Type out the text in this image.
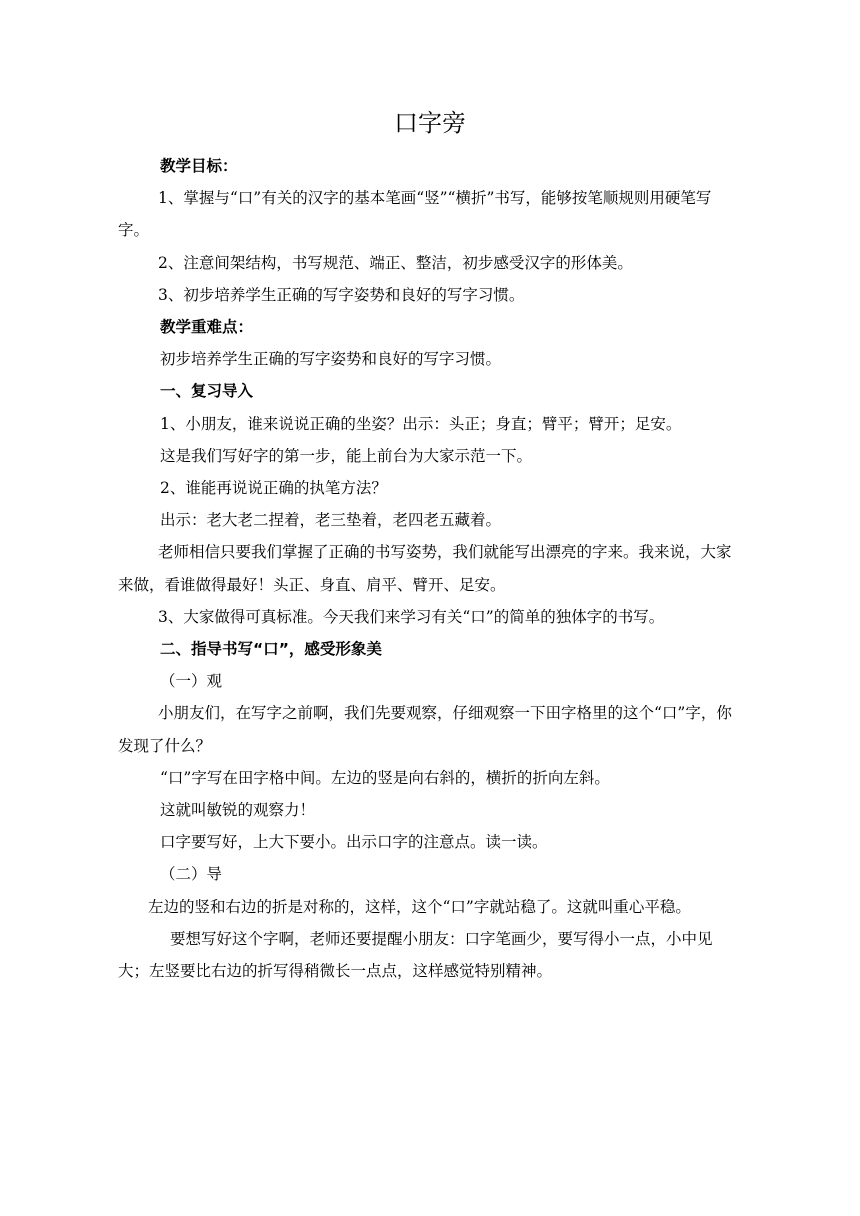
口字旁

教学目标：

1、掌握与“口”有关的汉字的基本笔画“竖”“横折”书写，能够按笔顺规则用硬笔写字。

2、注意间架结构，书写规范、端正、整洁，初步感受汉字的形体美。

3、初步培养学生正确的写字姿势和良好的写字习惯。

教学重难点：

初步培养学生正确的写字姿势和良好的写字习惯。

一、复习导入

1、小朋友，谁来说说正确的坐姿？出示：头正；身直；臂平；臂开；足安。

这是我们写好字的第一步，能上前台为大家示范一下。

2、谁能再说说正确的执笔方法？

出示：老大老二捏着，老三垫着，老四老五藏着。

老师相信只要我们掌握了正确的书写姿势，我们就能写出漂亮的字来。我来说，大家来做，看谁做得最好！头正、身直、肩平、臂开、足安。

3、大家做得可真标准。今天我们来学习有关“口”的简单的独体字的书写。

二、指导书写“口”，感受形象美

（一）观

小朋友们，在写字之前啊，我们先要观察，仔细观察一下田字格里的这个“口”字，你发现了什么？

“口”字写在田字格中间。左边的竖是向右斜的，横折的折向左斜。

这就叫敏锐的观察力！

口字要写好，上大下要小。出示口字的注意点。读一读。

（二）导

左边的竖和右边的折是对称的，这样，这个“口”字就站稳了。这就叫重心平稳。

要想写好这个字啊，老师还要提醒小朋友：口字笔画少，要写得小一点，小中见大；左竖要比右边的折写得稍微长一点点，这样感觉特别精神。
